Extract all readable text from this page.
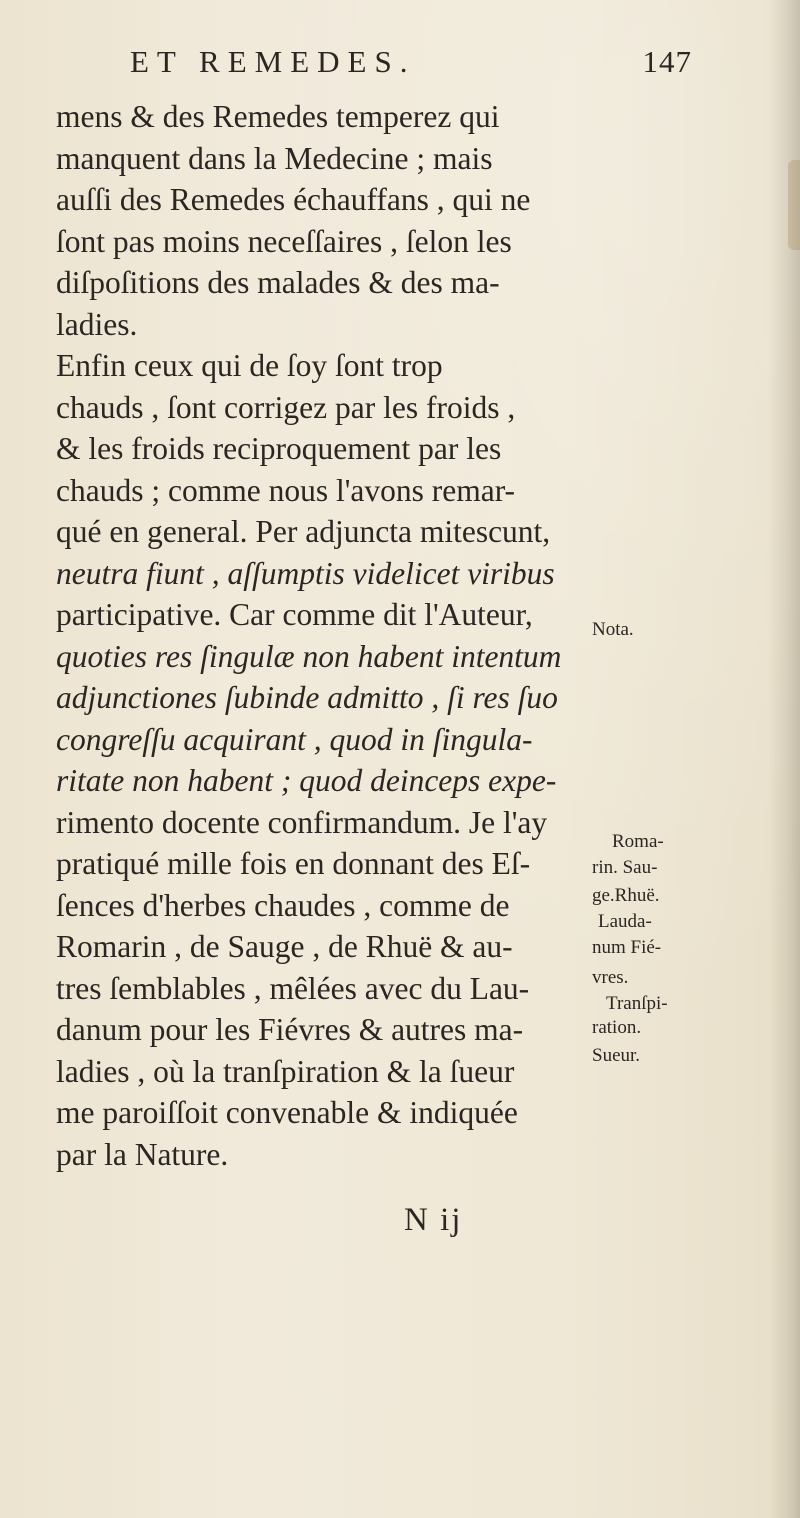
ET REMEDES.	147
mens & des Remedes temperez qui
manquent dans la Medecine ; mais
auſſi des Remedes échauffans , qui ne
ſont pas moins neceſſaires , ſelon les
diſpoſitions des malades & des ma-
ladies.
Enfin ceux qui de ſoy ſont trop
chauds , ſont corrigez par les froids ,
& les froids reciproquement par les
chauds ; comme nous l'avons remar-
qué en general. Per adjuncta mitescunt,
neutra fiunt , aſſumptis videlicet viribus
participative. Car comme dit l'Auteur,
quoties res ſingulæ non habent intentum
adjunctiones ſubinde admitto , ſi res ſuo
congreſſu acquirant , quod in ſingula-
ritate non habent ; quod deinceps expe-
rimento docente confirmandum. Je l'ay
pratiqué mille fois en donnant des Eſ-
ſences d'herbes chaudes , comme de
Romarin , de Sauge , de Rhuë & au-
tres ſemblables , mêlées avec du Lau-
danum pour les Fiévres & autres ma-
ladies , où la tranſpiration & la ſueur
me paroiſſoit convenable & indiquée
par la Nature.
Nota.
Roma-
rin. Sau-
ge.Rhuë.
Lauda-
num Fié-
vres.
Tranſpi-
ration.
Sueur.
N ij
